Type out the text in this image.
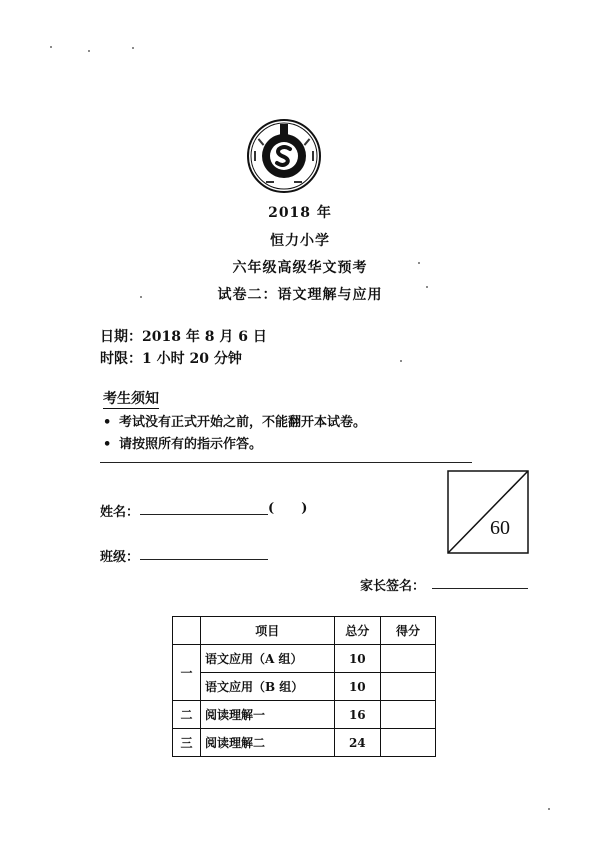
2018 年
恒力小学
六年级高级华文预考
试卷二：语文理解与应用
日期：2018 年 8 月 6 日
时限：1 小时 20 分钟
考生须知
• 考试没有正式开始之前，不能翻开本试卷。
• 请按照所有的指示作答。
姓名：	(      )
班级：
60
家长签名：
	项目	总分	得分
一	语文应用（A 组）	10	
	语文应用（B 组）	10	
二	阅读理解一	16	
三	阅读理解二	24	
